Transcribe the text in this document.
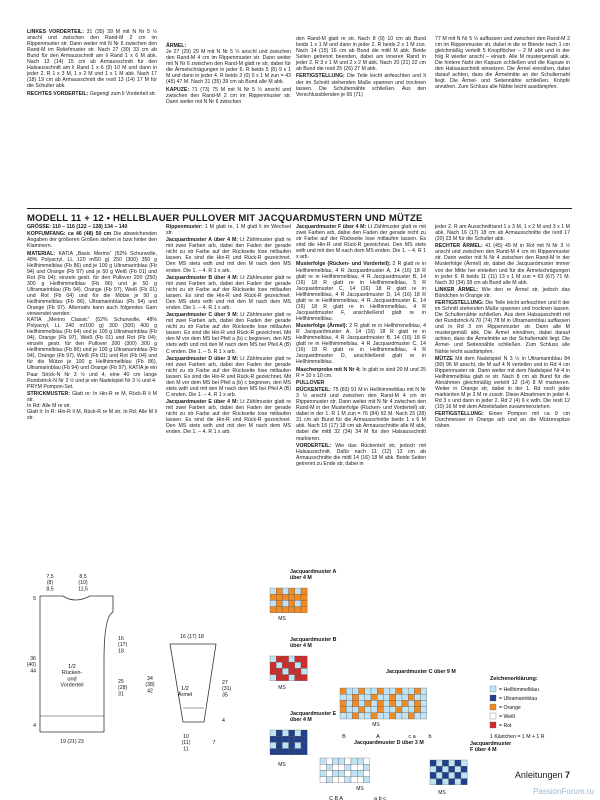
LINKES VORDERTEIL: 31 (35) 39 M mit N Nr 5 ½ anschl und zwischen den Rand-M 2 cm im Rippenmuster str. Dann weiter mit N Nr 6 zwischen den Rand-M im Reliefmuster str. Nach 27 (30) 33 cm ab Bund für den Armausschnitt am li Rand 1 x 6 M abk. Nach 13 (14) 15 cm ab Armausschnitt für den Halsausschnitt am li Rand 1 x 6 (9) 10 M und dann in jeder 2. R 1 x 3 M, 1 x 2 M und 1 x 1 M abk. Nach 17 (18) 19 cm ab Armausschnitt die restl 13 (14) 17 M für die Schulter abk.

RECHTES VORDERTEIL: Gegengl zum li Vorderteil str.

ÄRMEL:

Je 27 (29) 29 M mit N Nr 5 ½ anschl und zwischen den Rand-M 4 cm im Rippenmuster str. Dann weiter mit N Nr 6 zwischen den Rand-M glatt re str, dabei für die Ärmelschrägungen in jeder 6. R beids 5 (8) 9 x 1 M und dann in jeder 4. R beids 3 (0) 0 x 1 M zun = 43 (45) 47 M. Nach 31 (35) 39 cm ab Bund alle M abk.

KAPUZE: 71 (73) 75 M mit N Nr 5 ½ anschl und zwischen den Rand-M 2 cm im Rippenmuster str. Dann weiter mit N Nr 6 zwischen

den Rand-M glatt re str. Nach 8 (9) 10 cm ab Bund beids 1 x 1 M und dann in jeder 2. R beids 2 x 1 M zun. Nach 14 (15) 16 cm ab Bund die mittl M abk. Beide Seiten getrennt beenden, dabei am inneren Rand in jeder 2. R 3 x 1 M und 2 x 2 M abk. Nach 20 (21) 22 cm ab Bund die restl 25 (26) 27 M abk.

FERTIGSTELLUNG: Die Teile leicht anfeuchten und lt der im Schnitt stehenden Maße spannen und trocknen lassen. Die Schulternähte schließen. Aus den Verschlussblenden je 65 (71)

77 M mit N Nr 5 ½ auffassen und zwischen den Rand-M 2 cm im Rippenmuster str, dabei in die re Blende nach 1 cm gleichmäßig verteilt 5 Knopflöcher – 2 M abk und in der folg R wieder anschl – einarb. Alle M mustergemäß abk. Die hintere Naht der Kapuze schließen und die Kapuze in den Halsausschnitt einsetzen. Die Ärmel einnähen, dabei darauf achten, dass die Ärmelmitte an der Schulternaht liegt. Die Ärmel- und Seitennähte schließen. Knöpfe annähen. Zum Schluss alle Nähte leicht ausdämpfen.

MODELL 11 + 12 • HELLBLAUER PULLOVER MIT JACQUARDMUSTERN UND MÜTZE

GRÖSSE: 110 – 116 (122 – 128) 134 – 140

KOPFUMFANG: ca 46 (48) 50 cm Die abweichenden Angaben der größeren Größen stehen in bzw hinter den Klammern.

MATERIAL: KATIA „Basic Merino“ (52% Schurwolle, 48% Polyacryl, LL 120 m/50 g) 250 (300) 350 g Hellhimmelblau (Fb 86) und je 100 g Ultramarinblau (Fb 94) und Orange (Fb 97) und je 50 g Weiß (Fb 01) und Rot (Fb 04); einzeln gestr. für den Pullover 200 (250) 300 g Hellhimmelblau (Fb 86) und je 50 g Ultramarinblau (Fb 94), Orange (Fb 97), Weiß (Fb 01) und Rot (Fb 04) und für die Mütze je 50 g Hellhimmelblau (Fb 86), Ultramarinblau (Fb 94) und Orange (Fb 97). Alternativ kann auch folgendes Garn verwendet werden:
KATIA „Merino Classic“ (52% Schurwolle, 48% Polyacryl, LL 240 m/100 g) 300 (300) 400 g Hellhimmelblau (Fb 64) und je 100 g Ultramarinblau (Fb 94), Orange (Fb 97), Weiß (Fb 01) und Rot (Fb 04); einzeln gestr. für den Pullover 200 (300) 300 g Hellhimmelblau (Fb 86) und je 100 g Ultramarinblau (Fb 94), Orange (Fb 97), Weiß (Fb 01) und Rot (Fb 04) und für die Mütze je 100 g Hellhimmelblau (Fb 86), Ultramarinblau (Fb 94) und Orange (Fb 97). KATIA je ein Paar Strick-N Nr 3 ½ und 4, eine 40 cm lange Rundstrick-N Nr 3 ½ und je ein Nadelspiel Nr 3 ½ und 4.
PRYM Pompon-Set.

STRICKMUSTER: Glatt re: In Hin-R re M, Rück-R li M str.
In Rd: Alle M re str.
Glatt li: In R: Hin-R li M, Rück-R re M str. In Rd: Alle M li str.

Rippenmuster: 1 M glatt re, 1 M glatt li im Wechsel str.

Jacquardmuster A über 4 M: Lt Zählmuster glatt re mit zwei Farben arb, dabei den Faden der gerade nicht zu str Farbe auf der Rückseite lose mitlaufen lassen. Es sind die Hin-R und Rück-R gezeichnet. Den MS stets wdh und mit den M nach dem MS enden. Die 1. – 4. R 1 x arb.

Jacquardmuster B über 4 M: Lt Zählmuster glatt re mit zwei Farben arb, dabei den Faden der gerade nicht zu str Farbe auf der Rückseite lose mitlaufen lassen. Es sind die Hin-R und Rück-R gezeichnet. Den MS stets wdh und mit den M nach dem MS enden. Die 1. – 4. R 1 x arb.

Jacquardmuster C über 9 M: Lt Zählmuster glatt re mit zwei Farben arb, dabei den Faden der gerade nicht zu str Farbe auf der Rückseite lose mitlaufen lassen. Es sind die Hin-R und Rück-R gezeichnet. Mit den M vor dem MS bei Pfeil a (b) c beginnen, den MS stets wdh und mit den M nach dem MS bei Pfeil A (B) C enden. Die 1. – 5. R 1 x arb.

Jacquardmuster D über 3 M: Lt Zählmuster glatt re mit zwei Farben arb, dabei den Faden der gerade nicht zu str Farbe auf der Rückseite lose mitlaufen lassen. Es sind die Hin-R und Rück-R gezeichnet. Mit den M vor dem MS bei Pfeil a (b) c beginnen, den MS stets wdh und mit den M nach dem MS bei Pfeil A (B) C enden. Die 1. – 4. R 1 x arb.

Jacquardmuster E über 4 M: Lt Zählmuster glatt re mit zwei Farben arb, dabei den Faden der gerade nicht zu str Farbe auf der Rückseite lose mitlaufen lassen. Es sind die Hin-R und Rück-R gezeichnet. Den MS stets wdh und mit den M nach dem MS enden. Die 1. – 4. R 1 x arb.

Jacquardmuster F über 4 M: Lt Zählmuster glatt re mit zwei Farben arb, dabei den Faden der gerade nicht zu str Farbe auf der Rückseite lose mitlaufen lassen. Es sind die Hin-R und Rück-R gezeichnet. Den MS stets wdh und mit den M nach dem MS enden. Die 1. – 4. R 1 x arb.

Musterfolge (Rücken- und Vorderteil): 2 R glatt re in Hellhimmelblau, 4 R Jacquardmuster A, 14 (16) 18 R glatt re in Hellhimmelblau, 4 R Jacquardmuster B, 14 (16) 18 R glatt re in Hellhimmelblau, 5 R Jacquardmuster C, 14 (16) 18 R glatt re in Hellhimmelblau, 4 R Jacquardmuster D, 14 (16) 18 R glatt re in Hellhimmelblau, 4 R Jacquardmuster E, 14 (16) 18 R glatt re in Hellhimmelblau, 4 R Jacquardmuster F, anschließend glatt re in Hellhimmelblau.

Musterfolge (Ärmel): 2 R glatt re in Hellhimmelblau, 4 R Jacquardmuster A, 14 (16) 18 R glatt re in Hellhimmelblau, 4 R Jacquardmuster B, 14 (16) 18 R glatt re in Hellhimmelblau, 4 R Jacquardmuster C, 14 (16) 18 R glatt re in Hellhimmelblau, 4 R Jacquardmuster D, anschließend glatt re in Hellhimmelblau.

Maschenprobe mit N Nr 4: In glatt re sind 20 M und 25 R = 10 x 10 cm.

PULLOVER

RÜCKENTEIL: 75 (83) 91 M in Hellhimmelblau mit N Nr 3 ½ anschl und zwischen den Rand-M 4 cm im Rippenmuster str. Dann weiter mit N Nr 4 zwischen den Rand-M in der Musterfolge (Rücken- und Vorderteil) str, dabei in der 1. R 1 M zun = 76 (84) 92 M. Nach 25 (28) 31 cm ab Bund für die Armausschnitte beids 1 x 6 M abk. Nach 16 (17) 18 cm ab Armausschnitte alle M abk, dabei die mittl 32 (34) 34 M für den Halsausschnitt markieren.

VORDERTEIL: Wie das Rückenteil str, jedoch mit Halsausschnitt. Dafür nach 11 (12) 13 cm ab Armausschnitte die mittl 14 (16) 18 M abk. Beide Seiten getrennt zu Ende str, dabei in

jeder 2. R am Ausschnittrand 1 x 3 M, 1 x 2 M und 3 x 1 M abk. Nach 16 (17) 18 cm ab Armausschnitte die restl 17 (20) 23 M für die Schulter abk.

RECHTER ÄRMEL: 41 (45) 45 M in Rot mit N Nr 3 ½ anschl und zwischen den Rand-M 4 cm im Rippenmuster str. Dann weiter mit N Nr 4 zwischen den Rand-M in der Musterfolge (Ärmel) str, dabei die Jacquardmuster immer von der Mitte her einteilen und für die Ärmelschrägungen in jeder 6. R beids 11 (11) 13 x 1 M zun = 63 (67) 71 M. Nach 30 (34) 38 cm ab Bund alle M abk.

LINKER ÄRMEL: Wie den re Ärmel str, jedoch das Bündchen in Orange str.

FERTIGSTELLUNG: Die Teile leicht anfeuchten und lt der im Schnitt stehenden Maße spannen und trocknen lassen. Die Schulternähte schließen. Aus dem Halsausschnitt mit der Rundstrick-N 70 (74) 78 M in Ultramarinblau auffassen und in Rd 3 cm Rippenmuster str. Dann alle M mustergemäß abk. Die Ärmel einnähen, dabei darauf achten, dass die Ärmelmitte an der Schulternaht liegt. Die Ärmel- und Seitennähte schließen. Zum Schluss alle Nähte leicht ausdämpfen.

MÜTZE Mit dem Nadelspiel N 3 ½ in Ultramarinblau 84 (90) 96 M anschl, die M auf 4 N verteilen und in Rd 4 cm Rippenmuster str. Dann weiter mit dem Nadelspiel Nr 4 in Hellhimmelblau glatt re str. Nach 8 cm ab Bund für die Abnahmen gleichmäßig verteilt 12 (14) 8 M markieren. Weiter in Orange str, dabei in der 1. Rd noch jeder markierten M je 2 M re zusstr. Diese Abnahmen in jeder 4. Rd 3 x und dann in jeder 2. Rd 2 (4) 6 x wdh. Die restl 12 (10) 16 M mit dem Arbeitsfaden zusammenziehen.

FERTIGSTELLUNG: Einen Pompon mit ca 9 cm Durchmesser in Orange arb und an die Mützenspitze nähen.

1/2 Rücken-und Vorderteil
7,5 (8) 8,5
8,5 (10) 11,5
5
16 (17) 18
36 (40) 44
25 (28) 31
4
19 (21) 23
1/2 Ärmel
16 (17) 18
34 (38) 42
27 (31) 35
4
10 (11) 11
7
Jacquardmuster A über 4 M
MS
Jacquardmuster B über 4 M
MS
Jacquardmuster E über 4 M
MS
Jacquardmuster C über 9 M
MS
B	A	c a b
Jacquardmuster D über 3 M
MS
C B A	a b c
Jacquardmuster F über 4 M
MS
Zeichenerklärung:
= Hellhimmelblau
= Ultramarinblau
= Orange
= Weiß
= Rot
1 Kästchen = 1 M + 1 R
Anleitungen 7
PassionForum.ru
